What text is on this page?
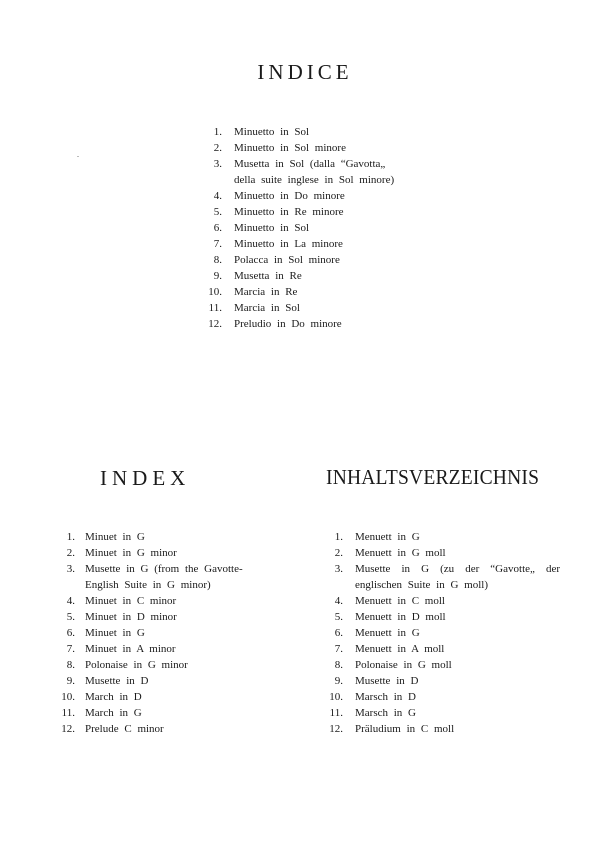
INDICE
1. Minuetto in Sol
2. Minuetto in Sol minore
3. Musetta in Sol (dalla “Gavotta„
della suite inglese in Sol minore)
4. Minuetto in Do minore
5. Minuetto in Re minore
6. Minuetto in Sol
7. Minuetto in La minore
8. Polacca in Sol minore
9. Musetta in Re
10. Marcia in Re
11. Marcia in Sol
12. Preludio in Do minore
INDEX
1. Minuet in G
2. Minuet in G minor
3. Musette in G (from the Gavotte-
English Suite in G minor)
4. Minuet in C minor
5. Minuet in D minor
6. Minuet in G
7. Minuet in A minor
8. Polonaise in G minor
9. Musette in D
10. March in D
11. March in G
12. Prelude C minor
INHALTSVERZEICHNIS
1. Menuett in G
2. Menuett in G moll
3. Musette in G (zu der “Gavotte„ der
englischen Suite in G moll)
4. Menuett in C moll
5. Menuett in D moll
6. Menuett in G
7. Menuett in A moll
8. Polonaise in G moll
9. Musette in D
10. Marsch in D
11. Marsch in G
12. Präludium in C moll
